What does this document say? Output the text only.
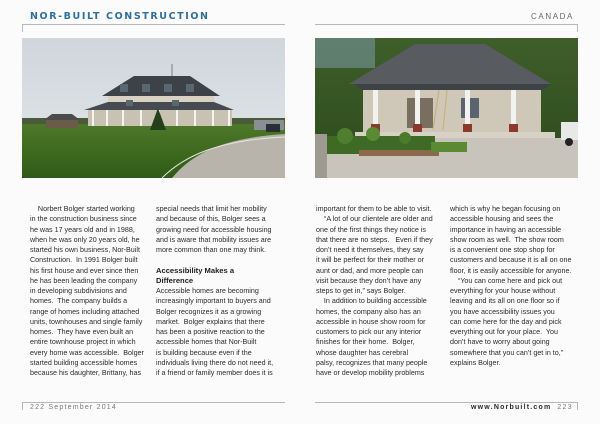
NOR-BUILT CONSTRUCTION	CANADA
Norbert Bolger started working
in the construction business since
he was 17 years old and in 1988,
when he was only 20 years old, he
started his own business, Nor-Built
Construction.  In 1991 Bolger built
his first house and ever since then
he has been leading the company
in developing subdivisions and
homes.  The company builds a
range of homes including attached
units, townhouses and single family
homes.  They have even built an
entire townhouse project in which
every home was accessible.  Bolger
started building accessible homes
because his daughter, Brittany, has
special needs that limit her mobility
and because of this, Bolger sees a
growing need for accessible housing
and is aware that mobility issues are
more common than one may think.
Accessibility Makes a
Difference
Accessible homes are becoming
increasingly important to buyers and
Bolger recognizes it as a growing
market.  Bolger explains that there
has been a positive reaction to the
accessible homes that Nor-Built
is building because even if the
individuals living there do not need it,
if a friend or family member does it is
important for them to be able to visit.
“A lot of our clientele are older and
one of the first things they notice is
that there are no steps.   Even if they
don’t need it themselves, they say
it will be perfect for their mother or
aunt or dad, and more people can
visit because they don’t have any
steps to get in,” says Bolger.
In addition to building accessible
homes, the company also has an
accessible in house show room for
customers to pick our any interior
finishes for their home.  Bolger,
whose daughter has cerebral
palsy, recognizes that many people
have or develop mobility problems
which is why he began focusing on
accessible housing and sees the
importance in having an accessible
show room as well.  The show room
is a convenient one stop shop for
customers and because it is all on one
floor, it is easily accessible for anyone.
“You can come here and pick out
everything for your house without
leaving and its all on one floor so if
you have accessibility issues you
can come here for the day and pick
everything out for your place.  You
don’t have to worry about going
somewhere that you can’t get in to,”
explains Bolger.
222 September 2014	www.Norbuilt.com 223
